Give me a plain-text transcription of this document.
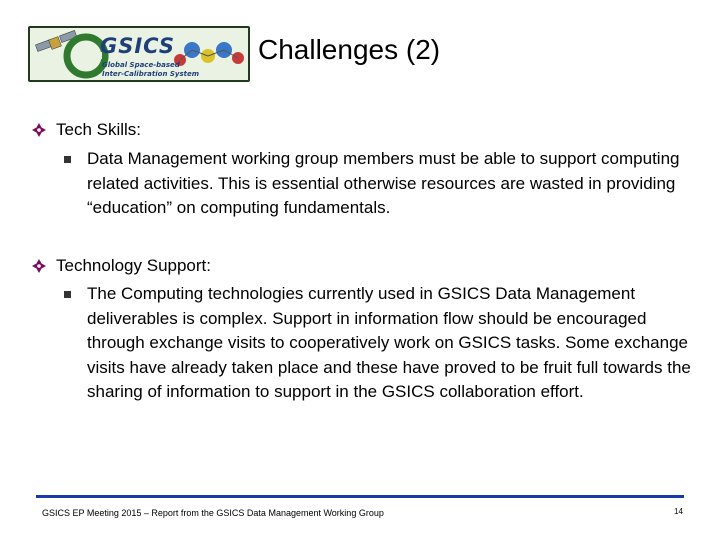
GSICS
Global Space-based
Inter-Calibration System
Challenges (2)
Tech Skills:
Data Management working group members must be able to support computing related activities. This is essential otherwise resources are wasted in providing “education” on computing fundamentals.
Technology Support:
The Computing technologies currently used in GSICS Data Management deliverables is complex. Support in information flow should be encouraged through exchange visits to cooperatively work on GSICS tasks. Some exchange visits have already taken place and these have proved to be fruit full towards the sharing of information to support in the GSICS collaboration effort.
GSICS EP Meeting 2015 – Report from the GSICS Data Management Working Group	14
